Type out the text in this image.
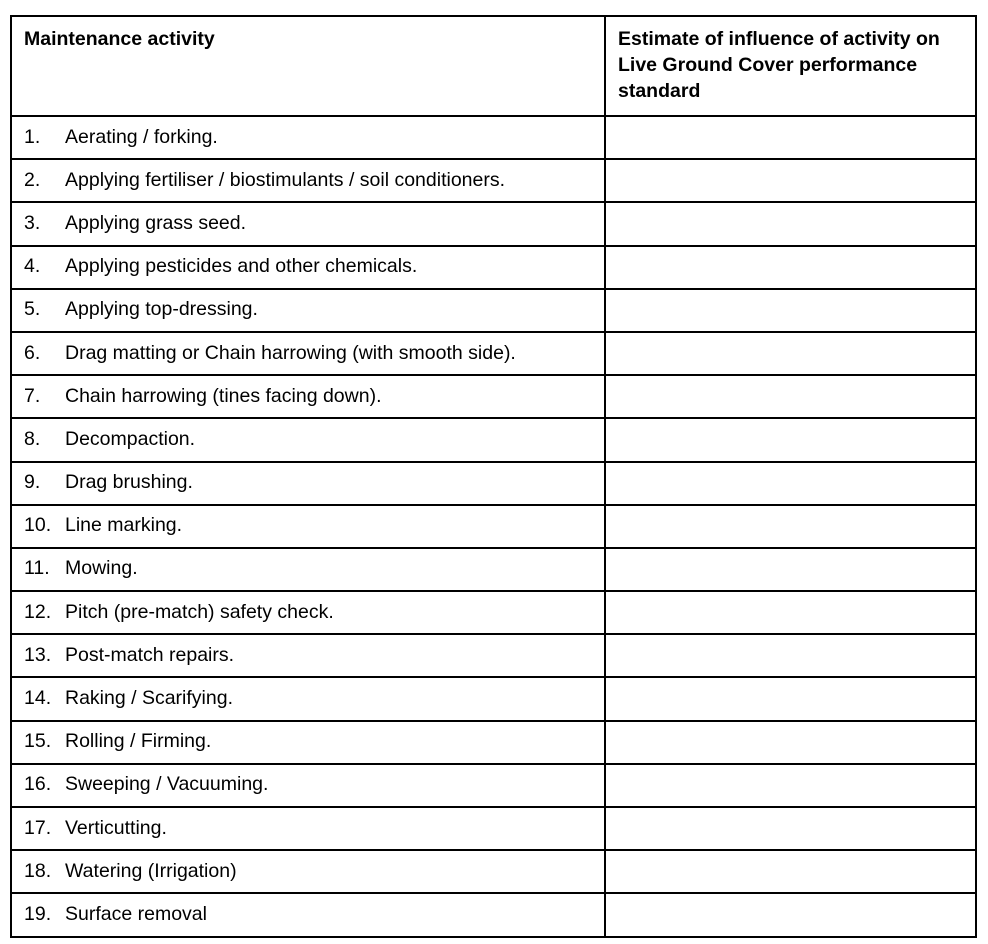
Maintenance activity	Estimate of influence of activity on
Live Ground Cover performance
standard

1. Aerating / forking.	

2. Applying fertiliser / biostimulants / soil conditioners.	

3. Applying grass seed.	

4. Applying pesticides and other chemicals.	

5. Applying top-dressing.	

6. Drag matting or Chain harrowing (with smooth side).	

7. Chain harrowing (tines facing down).	

8. Decompaction.	

9. Drag brushing.	

10. Line marking.	

11. Mowing.	

12. Pitch (pre-match) safety check.	

13. Post-match repairs.	

14. Raking / Scarifying.	

15. Rolling / Firming.	

16. Sweeping / Vacuuming.	

17. Verticutting.	

18. Watering (Irrigation)	

19. Surface removal	
